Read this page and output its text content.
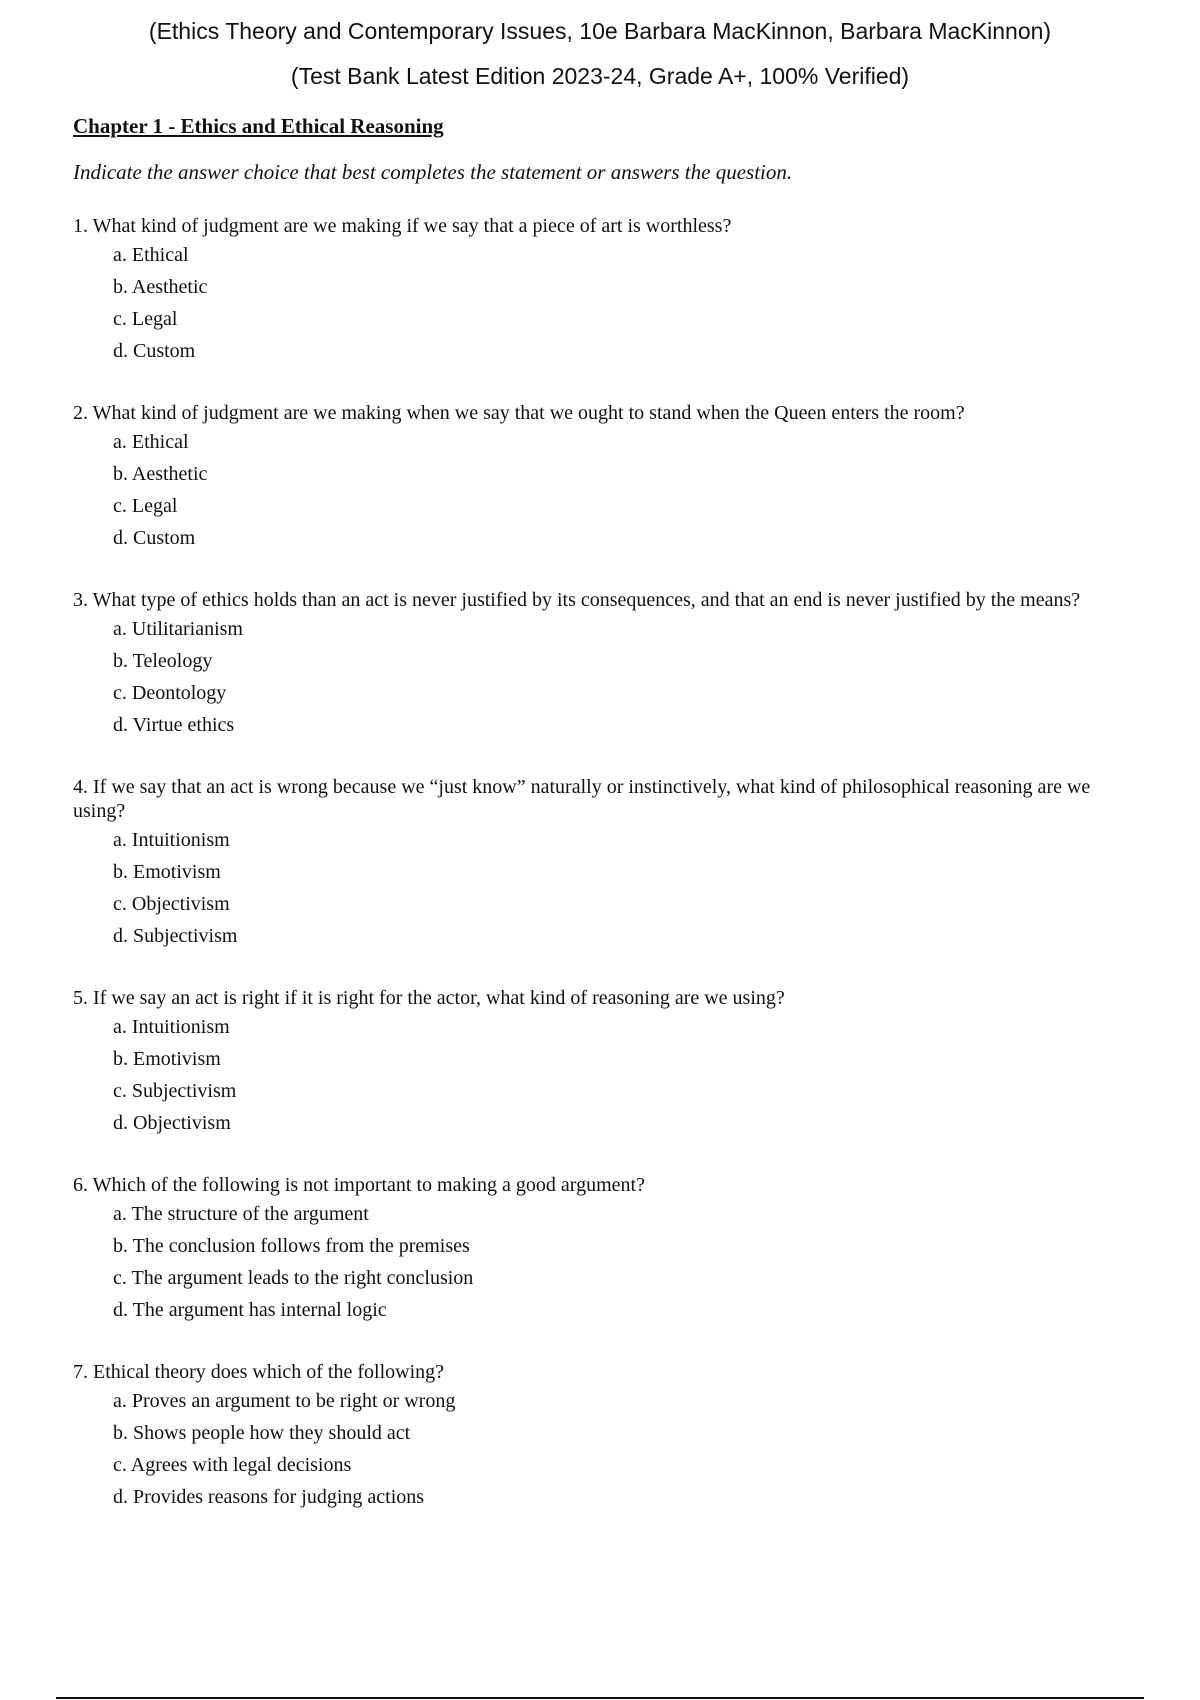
(Ethics Theory and Contemporary Issues, 10e Barbara MacKinnon, Barbara MacKinnon)
(Test Bank Latest Edition 2023-24, Grade A+, 100% Verified)
Chapter 1 - Ethics and Ethical Reasoning
Indicate the answer choice that best completes the statement or answers the question.

1. What kind of judgment are we making if we say that a piece of art is worthless?

a. Ethical
b. Aesthetic
c. Legal
d. Custom

2. What kind of judgment are we making when we say that we ought to stand when the Queen enters the room?

a. Ethical
b. Aesthetic
c. Legal
d. Custom

3. What type of ethics holds than an act is never justified by its consequences, and that an end is never justified by the means?

a. Utilitarianism
b. Teleology
c. Deontology
d. Virtue ethics

4. If we say that an act is wrong because we “just know” naturally or instinctively, what kind of philosophical reasoning are we using?

a. Intuitionism
b. Emotivism
c. Objectivism
d. Subjectivism

5. If we say an act is right if it is right for the actor, what kind of reasoning are we using?

a. Intuitionism
b. Emotivism
c. Subjectivism
d. Objectivism

6. Which of the following is not important to making a good argument?

a. The structure of the argument
b. The conclusion follows from the premises
c. The argument leads to the right conclusion
d. The argument has internal logic

7. Ethical theory does which of the following?

a. Proves an argument to be right or wrong
b. Shows people how they should act
c. Agrees with legal decisions
d. Provides reasons for judging actions
